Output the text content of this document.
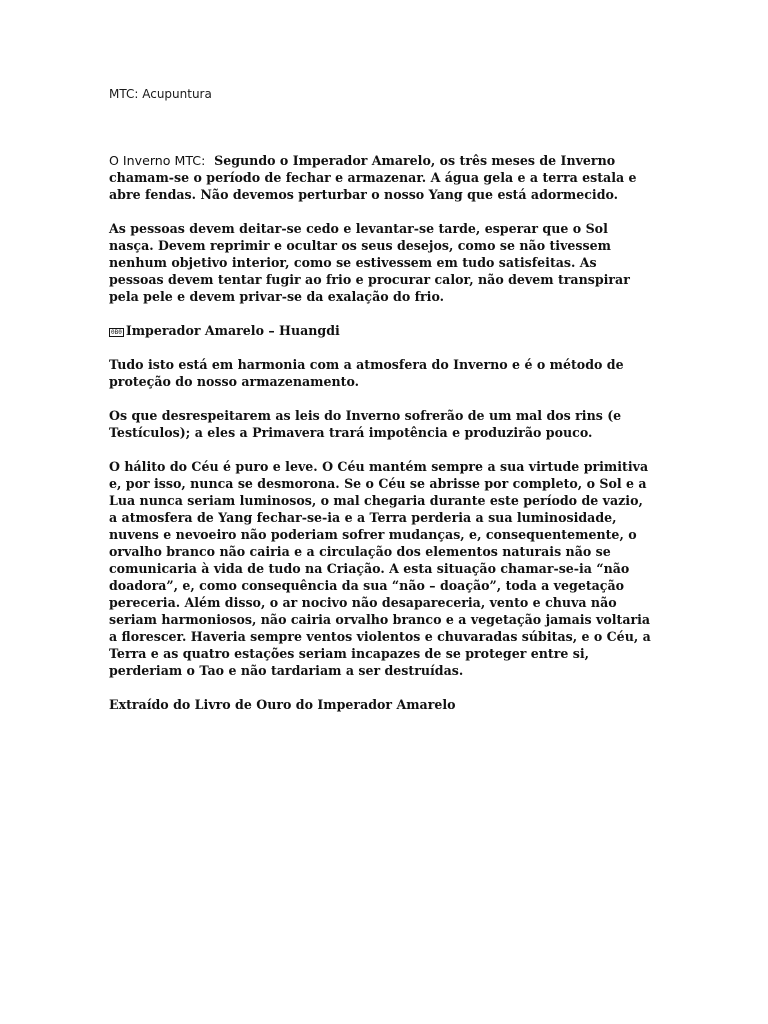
MTC: Acupuntura

O Inverno MTC: Segundo o Imperador Amarelo, os três meses de Inverno chamam-se o período de fechar e armazenar. A água gela e a terra estala e abre fendas. Não devemos perturbar o nosso Yang que está adormecido.

As pessoas devem deitar-se cedo e levantar-se tarde, esperar que o Sol nasça. Devem reprimir e ocultar os seus desejos, como se não tivessem nenhum objetivo interior, como se estivessem em tudo satisfeitas. As pessoas devem tentar fugir ao frio e procurar calor, não devem transpirar pela pele e devem privar-se da exalação do frio.

0B0 Imperador Amarelo – Huangdi

Tudo isto está em harmonia com a atmosfera do Inverno e é o método de proteção do nosso armazenamento.

Os que desrespeitarem as leis do Inverno sofrerão de um mal dos rins (e Testículos); a eles a Primavera trará impotência e produzirão pouco.

O hálito do Céu é puro e leve. O Céu mantém sempre a sua virtude primitiva e, por isso, nunca se desmorona. Se o Céu se abrisse por completo, o Sol e a Lua nunca seriam luminosos, o mal chegaria durante este período de vazio, a atmosfera de Yang fechar-se-ia e a Terra perderia a sua luminosidade, nuvens e nevoeiro não poderiam sofrer mudanças, e, consequentemente, o orvalho branco não cairia e a circulação dos elementos naturais não se comunicaria à vida de tudo na Criação. A esta situação chamar-se-ia “não doadora”, e, como consequência da sua “não – doação”, toda a vegetação pereceria. Além disso, o ar nocivo não desapareceria, vento e chuva não seriam harmoniosos, não cairia orvalho branco e a vegetação jamais voltaria a florescer. Haveria sempre ventos violentos e chuvaradas súbitas, e o Céu, a Terra e as quatro estações seriam incapazes de se proteger entre si, perderiam o Tao e não tardariam a ser destruídas.

Extraído do Livro de Ouro do Imperador Amarelo
